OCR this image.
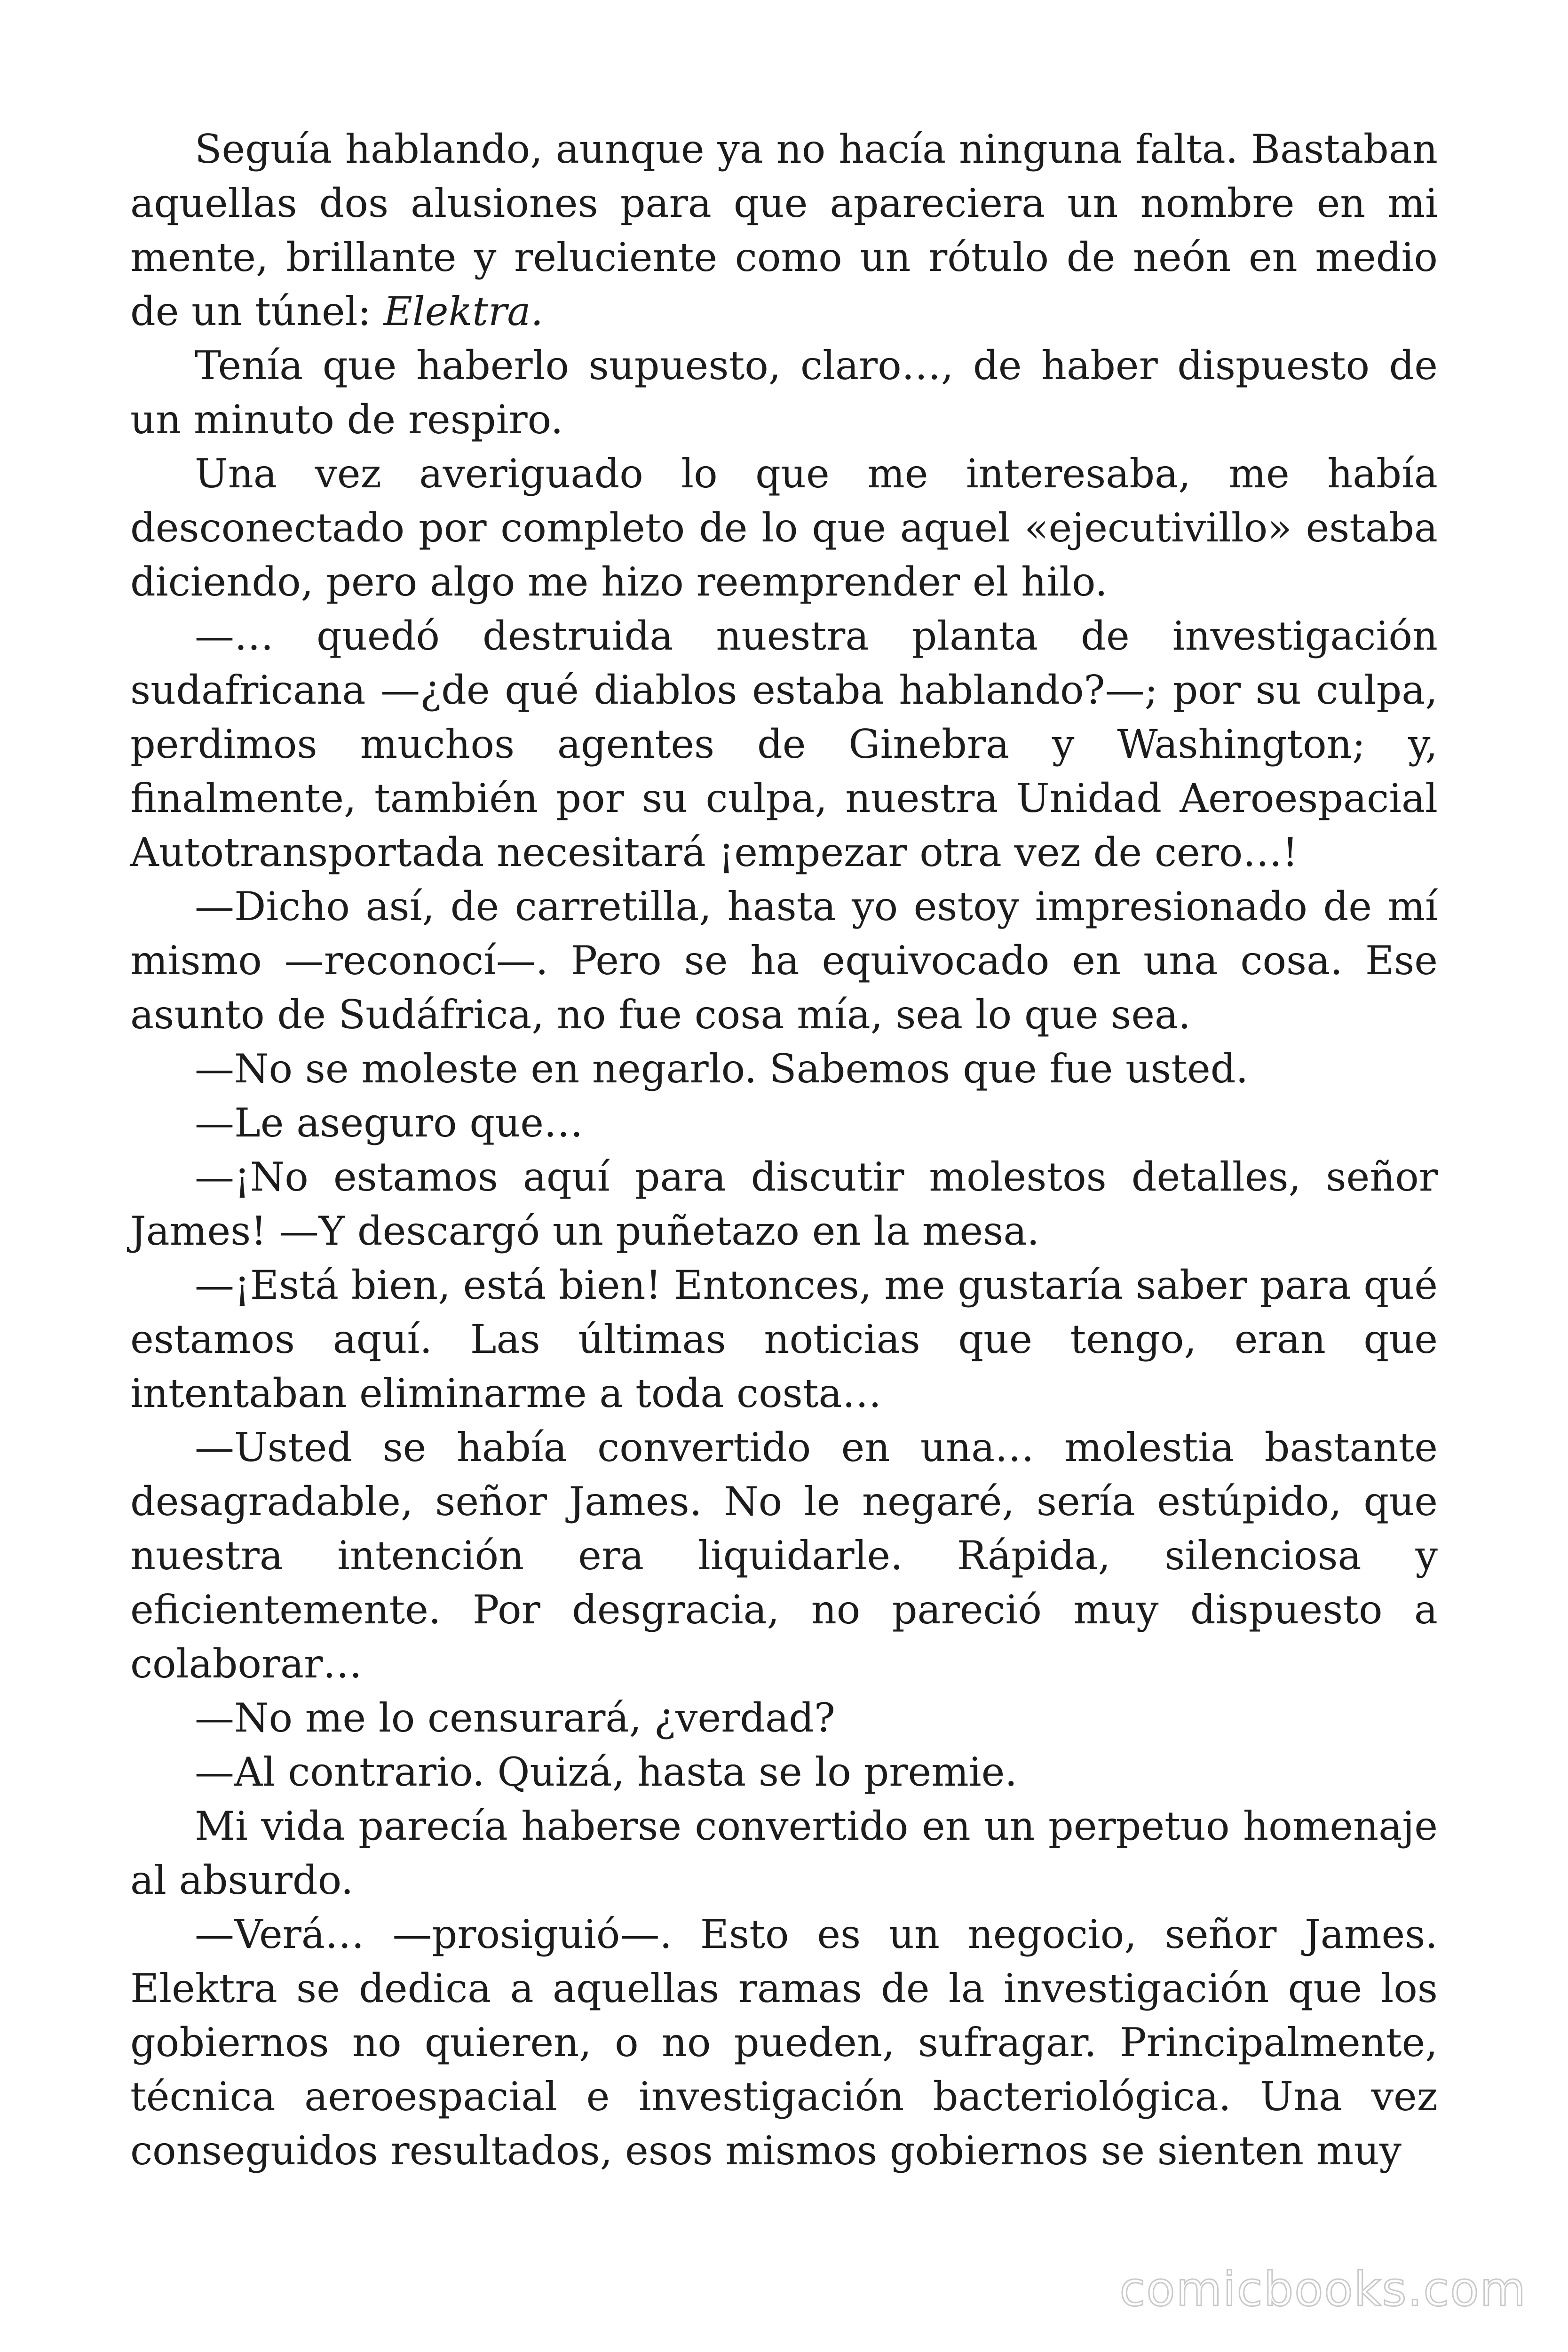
Seguía hablando, aunque ya no hacía ninguna falta. Bastaban aquellas dos alusiones para que apareciera un nombre en mi mente, brillante y reluciente como un rótulo de neón en medio de un túnel: Elektra.

Tenía que haberlo supuesto, claro…, de haber dispuesto de un minuto de respiro.

Una vez averiguado lo que me interesaba, me había desconectado por completo de lo que aquel «ejecutivillo» estaba diciendo, pero algo me hizo reemprender el hilo.

—… quedó destruida nuestra planta de investigación sudafricana —¿de qué diablos estaba hablando?—; por su culpa, perdimos muchos agentes de Ginebra y Washington; y, finalmente, también por su culpa, nuestra Unidad Aeroespacial Autotransportada necesitará ¡empezar otra vez de cero…!

—Dicho así, de carretilla, hasta yo estoy impresionado de mí mismo —reconocí—. Pero se ha equivocado en una cosa. Ese asunto de Sudáfrica, no fue cosa mía, sea lo que sea.

—No se moleste en negarlo. Sabemos que fue usted.

—Le aseguro que…

—¡No estamos aquí para discutir molestos detalles, señor James! —Y descargó un puñetazo en la mesa.

—¡Está bien, está bien! Entonces, me gustaría saber para qué estamos aquí. Las últimas noticias que tengo, eran que intentaban eliminarme a toda costa…

—Usted se había convertido en una… molestia bastante desagradable, señor James. No le negaré, sería estúpido, que nuestra intención era liquidarle. Rápida, silenciosa y eficientemente. Por desgracia, no pareció muy dispuesto a colaborar…

—No me lo censurará, ¿verdad?

—Al contrario. Quizá, hasta se lo premie.

Mi vida parecía haberse convertido en un perpetuo homenaje al absurdo.

—Verá… —prosiguió—. Esto es un negocio, señor James. Elektra se dedica a aquellas ramas de la investigación que los gobiernos no quieren, o no pueden, sufragar. Principalmente, técnica aeroespacial e investigación bacteriológica. Una vez conseguidos resultados, esos mismos gobiernos se sienten muy

comicbooks.com
